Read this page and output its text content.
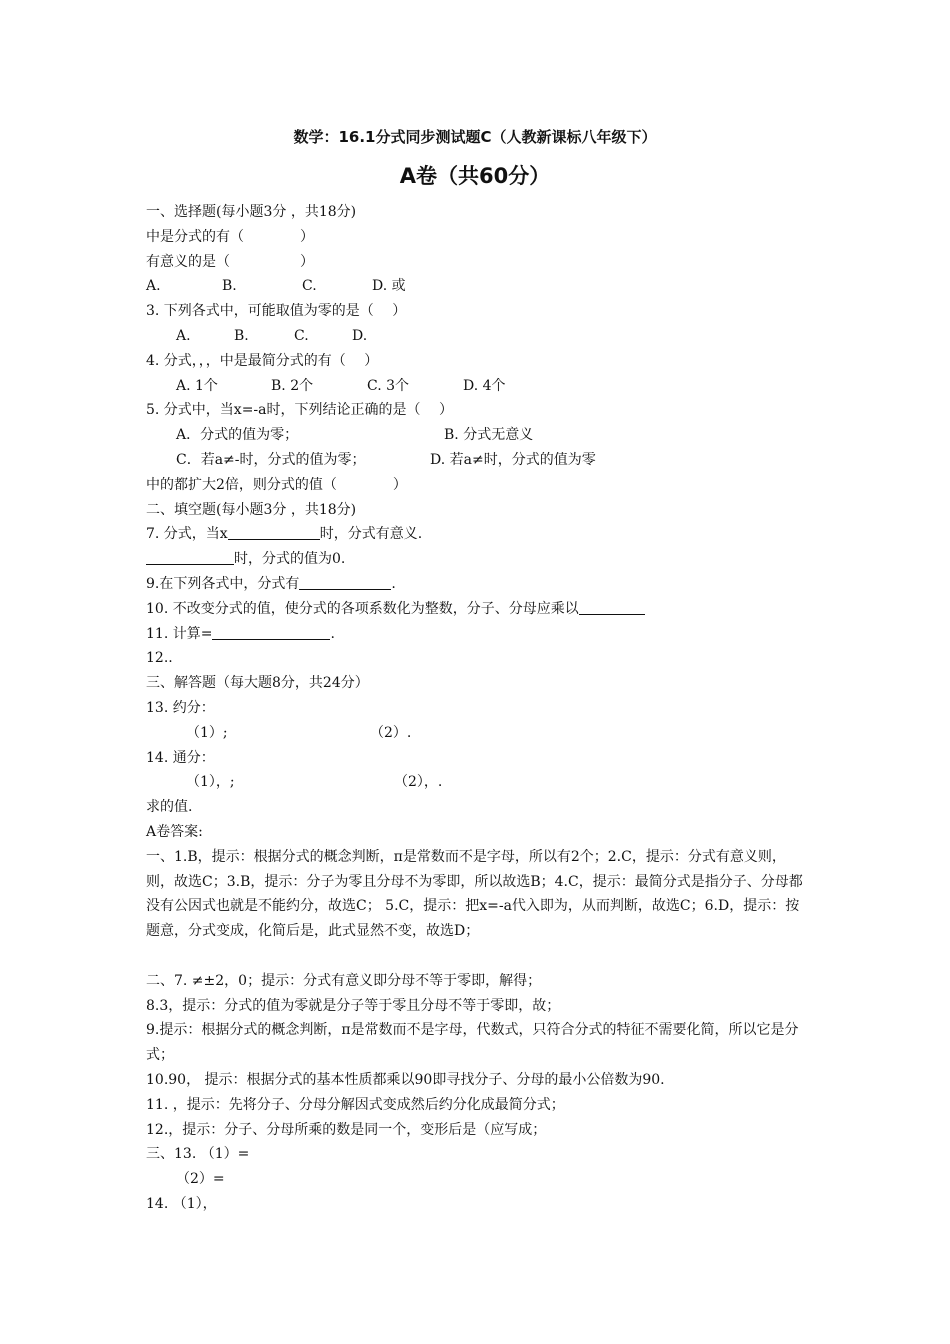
数学：16.1分式同步测试题C（人教新课标八年级下）
A卷（共60分）
一、选择题(每小题3分 ，共18分)
中是分式的有（　　　　）
有意义的是（　　　　　）
A.	B.	C.	D. 或
3. 下列各式中，可能取值为零的是（　 ）
A.	B.	C.	D.
4. 分式，，，中是最简分式的有（　 ）
A. 1个	B. 2个	C. 3个	D. 4个
5. 分式中，当x=-a时，下列结论正确的是（　 ）
A．分式的值为零；	B. 分式无意义
C．若a≠-时，分式的值为零；	D. 若a≠时，分式的值为零
中的都扩大2倍，则分式的值（　　　　）
二、填空题(每小题3分 ，共18分)
7. 分式，当x	时，分式有意义.
时，分式的值为0.
9.在下列各式中，分式有	.
10. 不改变分式的值，使分式的各项系数化为整数，分子、分母应乘以
11. 计算=	.
12..
三、解答题（每大题8分，共24分）
13. 约分：
（1）;	（2）.
14. 通分：
（1），;	（2），.
求的值.
A卷答案:
一、1.B，提示：根据分式的概念判断，π是常数而不是字母，所以有2个；2.C，提示：分式有意义则，则，故选C；3.B，提示：分子为零且分母不为零即，所以故选B；4.C，提示：最简分式是指分子、分母都没有公因式也就是不能约分，故选C； 5.C，提示：把x=-a代入即为，从而判断，故选C；6.D，提示：按题意，分式变成，化简后是，此式显然不变，故选D；
二、7. ≠±2，0；提示：分式有意义即分母不等于零即，解得；
8.3，提示：分式的值为零就是分子等于零且分母不等于零即，故；
9.提示：根据分式的概念判断，π是常数而不是字母，代数式，只符合分式的特征不需要化简，所以它是分式；
10.90， 提示：根据分式的基本性质都乘以90即寻找分子、分母的最小公倍数为90.
11. ，提示：先将分子、分母分解因式变成然后约分化成最简分式；
12.，提示：分子、分母所乘的数是同一个，变形后是（应写成；
三、13. （1）=
（2）=
14. （1），
